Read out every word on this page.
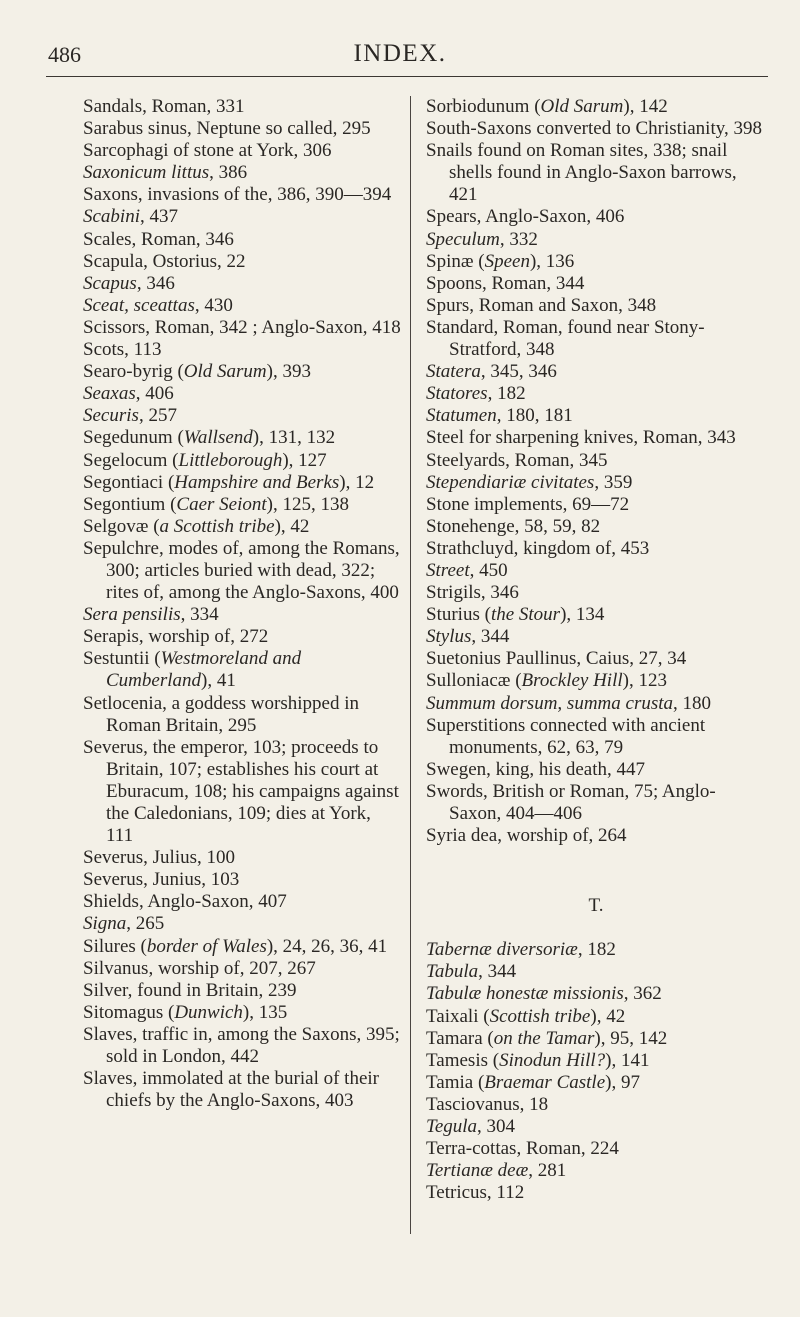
486	INDEX.
Sandals, Roman, 331
Sarabus sinus, Neptune so called, 295
Sarcophagi of stone at York, 306
Saxonicum littus, 386
Saxons, invasions of the, 386, 390—394
Scabini, 437
Scales, Roman, 346
Scapula, Ostorius, 22
Scapus, 346
Sceat, sceattas, 430
Scissors, Roman, 342 ; Anglo-Saxon, 418
Scots, 113
Searo-byrig (Old Sarum), 393
Seaxas, 406
Securis, 257
Segedunum (Wallsend), 131, 132
Segelocum (Littleborough), 127
Segontiaci (Hampshire and Berks), 12
Segontium (Caer Seiont), 125, 138
Selgovæ (a Scottish tribe), 42
Sepulchre, modes of, among the Romans, 300; articles buried with dead, 322; rites of, among the Anglo-Saxons, 400
Sera pensilis, 334
Serapis, worship of, 272
Sestuntii (Westmoreland and Cumberland), 41
Setlocenia, a goddess worshipped in Roman Britain, 295
Severus, the emperor, 103; proceeds to Britain, 107; establishes his court at Eburacum, 108; his campaigns against the Caledonians, 109; dies at York, 111
Severus, Julius, 100
Severus, Junius, 103
Shields, Anglo-Saxon, 407
Signa, 265
Silures (border of Wales), 24, 26, 36, 41
Silvanus, worship of, 207, 267
Silver, found in Britain, 239
Sitomagus (Dunwich), 135
Slaves, traffic in, among the Saxons, 395; sold in London, 442
Slaves, immolated at the burial of their chiefs by the Anglo-Saxons, 403
Sorbiodunum (Old Sarum), 142
South-Saxons converted to Christianity, 398
Snails found on Roman sites, 338; snail shells found in Anglo-Saxon barrows, 421
Spears, Anglo-Saxon, 406
Speculum, 332
Spinæ (Speen), 136
Spoons, Roman, 344
Spurs, Roman and Saxon, 348
Standard, Roman, found near Stony-Stratford, 348
Statera, 345, 346
Statores, 182
Statumen, 180, 181
Steel for sharpening knives, Roman, 343
Steelyards, Roman, 345
Stependiariæ civitates, 359
Stone implements, 69—72
Stonehenge, 58, 59, 82
Strathcluyd, kingdom of, 453
Street, 450
Strigils, 346
Sturius (the Stour), 134
Stylus, 344
Suetonius Paullinus, Caius, 27, 34
Sulloniacæ (Brockley Hill), 123
Summum dorsum, summa crusta, 180
Superstitions connected with ancient monuments, 62, 63, 79
Swegen, king, his death, 447
Swords, British or Roman, 75; Anglo-Saxon, 404—406
Syria dea, worship of, 264
T.
Tabernæ diversoriæ, 182
Tabula, 344
Tabulæ honestæ missionis, 362
Taixali (Scottish tribe), 42
Tamara (on the Tamar), 95, 142
Tamesis (Sinodun Hill?), 141
Tamia (Braemar Castle), 97
Tasciovanus, 18
Tegula, 304
Terra-cottas, Roman, 224
Tertianæ deæ, 281
Tetricus, 112
